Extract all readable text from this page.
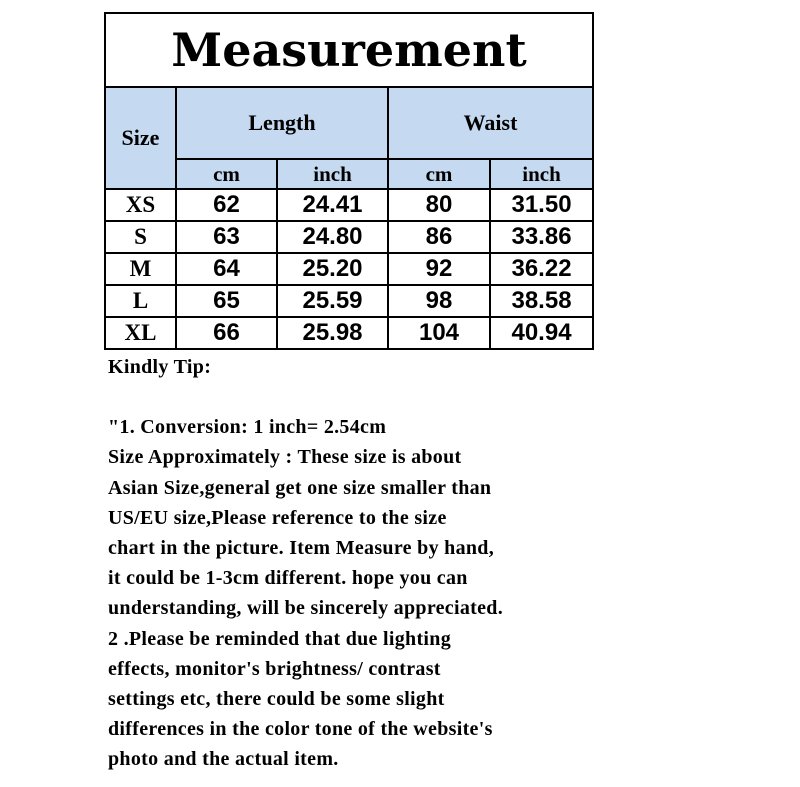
Measurement				
Size	Length		Waist	
	cm	inch	cm	inch
XS	62	24.41	80	31.50
S	63	24.80	86	33.86
M	64	25.20	92	36.22
L	65	25.59	98	38.58
XL	66	25.98	104	40.94

Kindly Tip:

"1. Conversion: 1 inch= 2.54cm

Size Approximately : These size is about

Asian Size,general get one size smaller than

US/EU size,Please reference to the size

chart in the picture. Item Measure by hand,

it could be 1-3cm different. hope you can

understanding, will be sincerely appreciated.

2 .Please be reminded that due lighting

effects, monitor's brightness/ contrast

settings etc, there could be some slight

differences in the color tone of the website's

photo and the actual item.
